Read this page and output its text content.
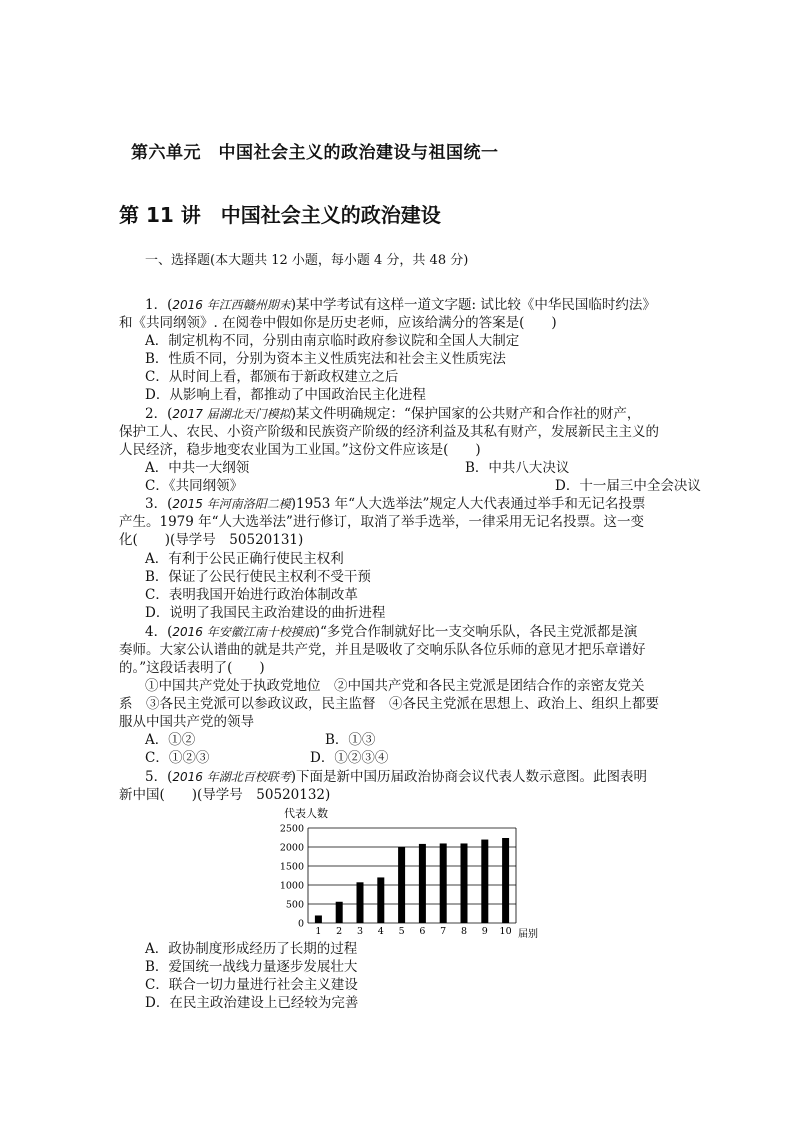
第六单元　中国社会主义的政治建设与祖国统一
第 11 讲　中国社会主义的政治建设
一、选择题(本大题共 12 小题，每小题 4 分，共 48 分)
1．(2016 年江西赣州期末)某中学考试有这样一道文字题: 试比较《中华民国临时约法》
和《共同纲领》. 在阅卷中假如你是历史老师，应该给满分的答案是(　　)
A．制定机构不同，分别由南京临时政府参议院和全国人大制定
B．性质不同，分别为资本主义性质宪法和社会主义性质宪法
C．从时间上看，都颁布于新政权建立之后
D．从影响上看，都推动了中国政治民主化进程
2．(2017 届湖北天门模拟)某文件明确规定：“保护国家的公共财产和合作社的财产，
保护工人、农民、小资产阶级和民族资产阶级的经济利益及其私有财产，发展新民主主义的
人民经济，稳步地变农业国为工业国。”这份文件应该是(　　)
A．中共一大纲领	B．中共八大决议
C．《共同纲领》	D．十一届三中全会决议
3．(2015 年河南洛阳二模)1953 年“人大选举法”规定人大代表通过举手和无记名投票
产生。1979 年“人大选举法”进行修订，取消了举手选举，一律采用无记名投票。这一变
化(　　)(导学号　50520131)
A．有利于公民正确行使民主权利
B．保证了公民行使民主权利不受干预
C．表明我国开始进行政治体制改革
D．说明了我国民主政治建设的曲折进程
4．(2016 年安徽江南十校摸底)“多党合作制就好比一支交响乐队，各民主党派都是演
奏师。大家公认谱曲的就是共产党，并且是吸收了交响乐队各位乐师的意见才把乐章谱好
的。”这段话表明了(　　)
①中国共产党处于执政党地位　②中国共产党和各民主党派是团结合作的亲密友党关
系　③各民主党派可以参政议政，民主监督　④各民主党派在思想上、政治上、组织上都要
服从中国共产党的领导
A．①②	B．①③
C．①②③	D．①②③④
5．(2016 年湖北百校联考)下面是新中国历届政治协商会议代表人数示意图。此图表明
新中国(　　)(导学号　50520132)
代表人数
2500
2000
1500
1000
500
0
1 2 3 4 5 6 7 8 9 10 届别
A．政协制度形成经历了长期的过程
B．爱国统一战线力量逐步发展壮大
C．联合一切力量进行社会主义建设
D．在民主政治建设上已经较为完善
